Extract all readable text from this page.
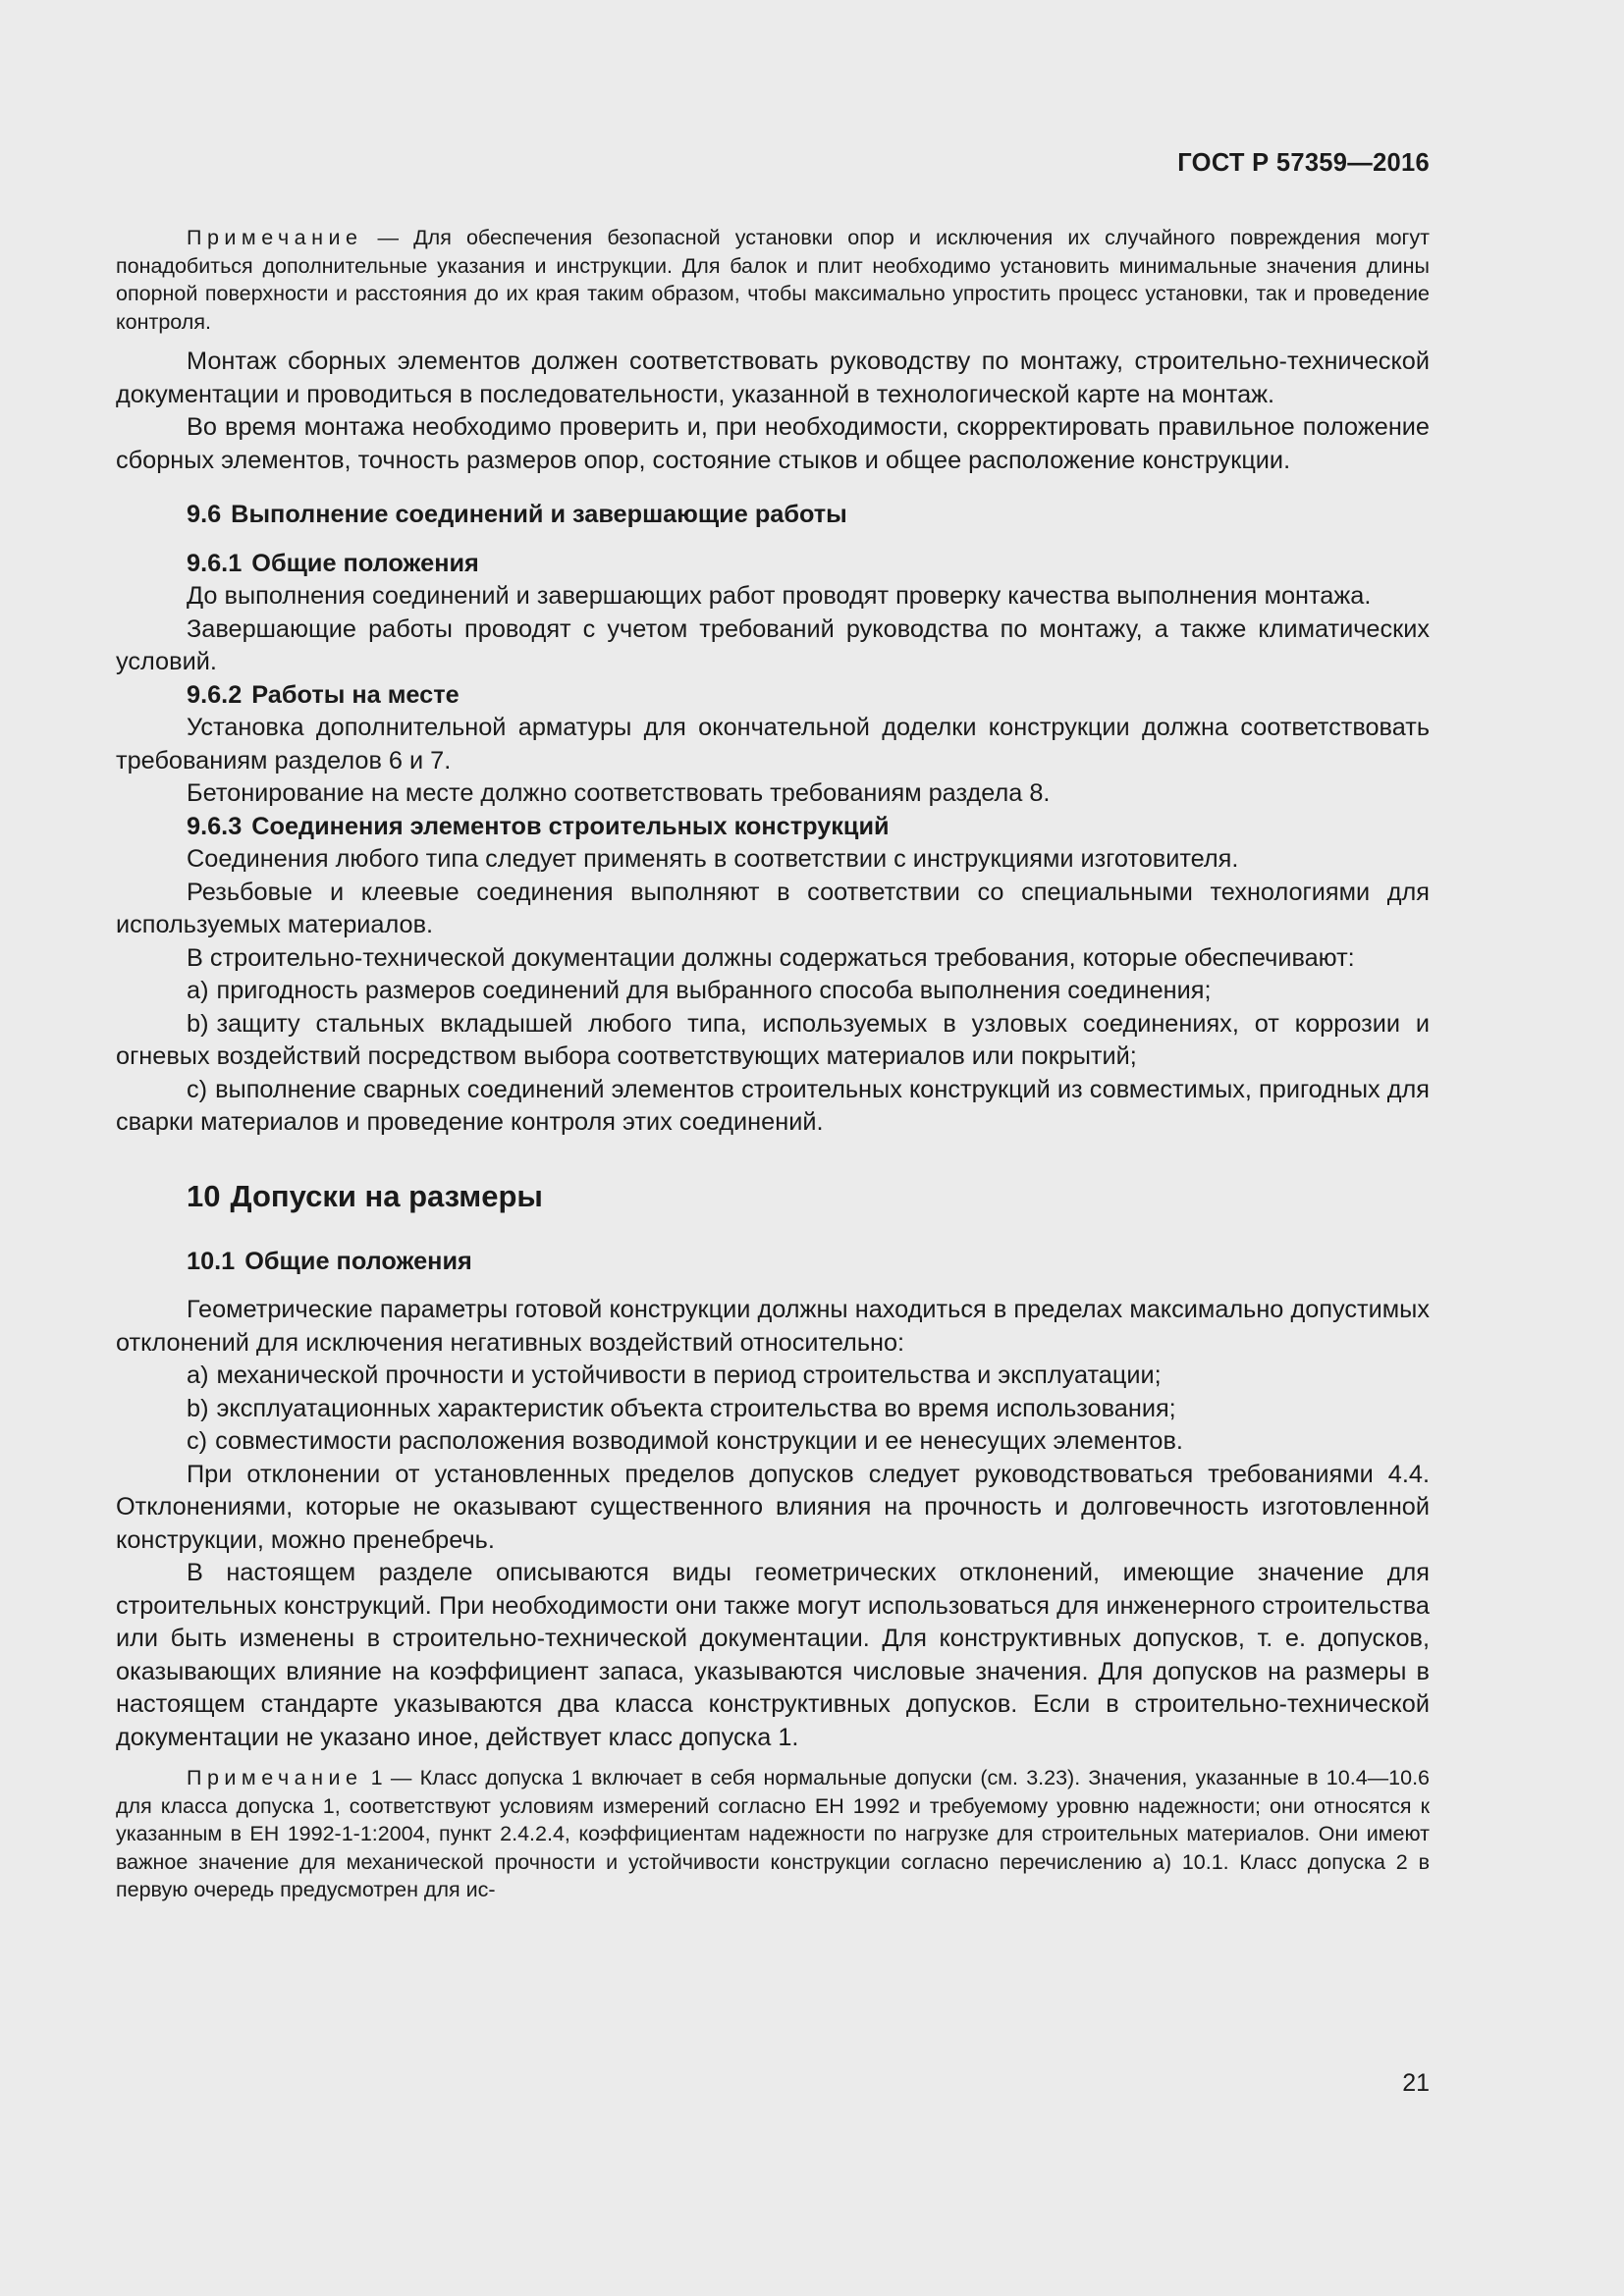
ГОСТ Р 57359—2016

Примечание — Для обеспечения безопасной установки опор и исключения их случайного повреждения могут понадобиться дополнительные указания и инструкции. Для балок и плит необходимо установить минимальные значения длины опорной поверхности и расстояния до их края таким образом, чтобы максимально упростить процесс установки, так и проведение контроля.

Монтаж сборных элементов должен соответствовать руководству по монтажу, строительно-технической документации и проводиться в последовательности, указанной в технологической карте на монтаж.

Во время монтажа необходимо проверить и, при необходимости, скорректировать правильное положение сборных элементов, точность размеров опор, состояние стыков и общее расположение конструкции.

9.6 Выполнение соединений и завершающие работы
9.6.1 Общие положения

До выполнения соединений и завершающих работ проводят проверку качества выполнения монтажа.

Завершающие работы проводят с учетом требований руководства по монтажу, а также климатических условий.

9.6.2 Работы на месте

Установка дополнительной арматуры для окончательной доделки конструкции должна соответствовать требованиям разделов 6 и 7.

Бетонирование на месте должно соответствовать требованиям раздела 8.

9.6.3 Соединения элементов строительных конструкций

Соединения любого типа следует применять в соответствии с инструкциями изготовителя.

Резьбовые и клеевые соединения выполняют в соответствии со специальными технологиями для используемых материалов.

В строительно-технической документации должны содержаться требования, которые обеспечивают:

a) пригодность размеров соединений для выбранного способа выполнения соединения;

b) защиту стальных вкладышей любого типа, используемых в узловых соединениях, от коррозии и огневых воздействий посредством выбора соответствующих материалов или покрытий;

c) выполнение сварных соединений элементов строительных конструкций из совместимых, пригодных для сварки материалов и проведение контроля этих соединений.

10 Допуски на размеры
10.1 Общие положения

Геометрические параметры готовой конструкции должны находиться в пределах максимально допустимых отклонений для исключения негативных воздействий относительно:

a) механической прочности и устойчивости в период строительства и эксплуатации;

b) эксплуатационных характеристик объекта строительства во время использования;

c) совместимости расположения возводимой конструкции и ее ненесущих элементов.

При отклонении от установленных пределов допусков следует руководствоваться требованиями 4.4. Отклонениями, которые не оказывают существенного влияния на прочность и долговечность изготовленной конструкции, можно пренебречь.

В настоящем разделе описываются виды геометрических отклонений, имеющие значение для строительных конструкций. При необходимости они также могут использоваться для инженерного строительства или быть изменены в строительно-технической документации. Для конструктивных допусков, т. е. допусков, оказывающих влияние на коэффициент запаса, указываются числовые значения. Для допусков на размеры в настоящем стандарте указываются два класса конструктивных допусков. Если в строительно-технической документации не указано иное, действует класс допуска 1.

Примечание 1 — Класс допуска 1 включает в себя нормальные допуски (см. 3.23). Значения, указанные в 10.4—10.6 для класса допуска 1, соответствуют условиям измерений согласно ЕН 1992 и требуемому уровню надежности; они относятся к указанным в ЕН 1992-1-1:2004, пункт 2.4.2.4, коэффициентам надежности по нагрузке для строительных материалов. Они имеют важное значение для механической прочности и устойчивости конструкции согласно перечислению а) 10.1. Класс допуска 2 в первую очередь предусмотрен для ис-

21
